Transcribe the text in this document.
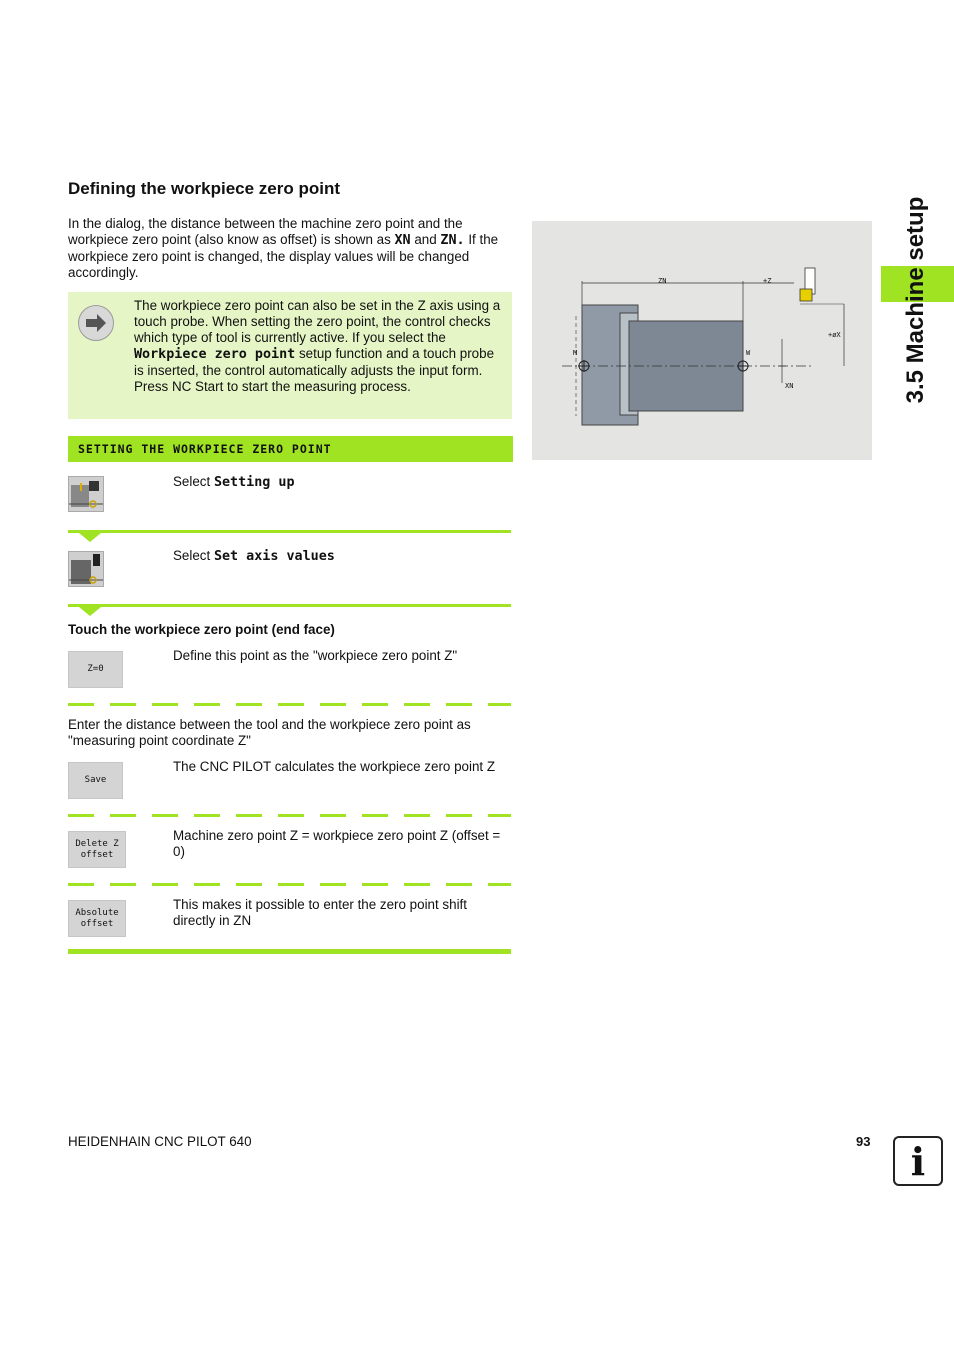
3.5 Machine setup
Defining the workpiece zero point
In the dialog, the distance between the machine zero point and the workpiece zero point (also know as offset) is shown as XN and ZN. If the workpiece zero point is changed, the display values will be changed accordingly.
The workpiece zero point can also be set in the Z axis using a touch probe. When setting the zero point, the control checks which type of tool is currently active. If you select the Workpiece zero point setup function and a touch probe is inserted, the control automatically adjusts the input form. Press NC Start to start the measuring process.
SETTING THE WORKPIECE ZERO POINT
Select Setting up
Select Set axis values
Touch the workpiece zero point (end face)
Z=0
Define this point as the "workpiece zero point Z"
Enter the distance between the tool and the workpiece zero point as "measuring point coordinate Z"
Save
The CNC PILOT calculates the workpiece zero point Z
Delete Z offset
Machine zero point Z = workpiece zero point Z (offset = 0)
Absolute offset
This makes it possible to enter the zero point shift directly in ZN
ZN	+Z
+øX
M	W
XN
HEIDENHAIN CNC PILOT 640	93	i
